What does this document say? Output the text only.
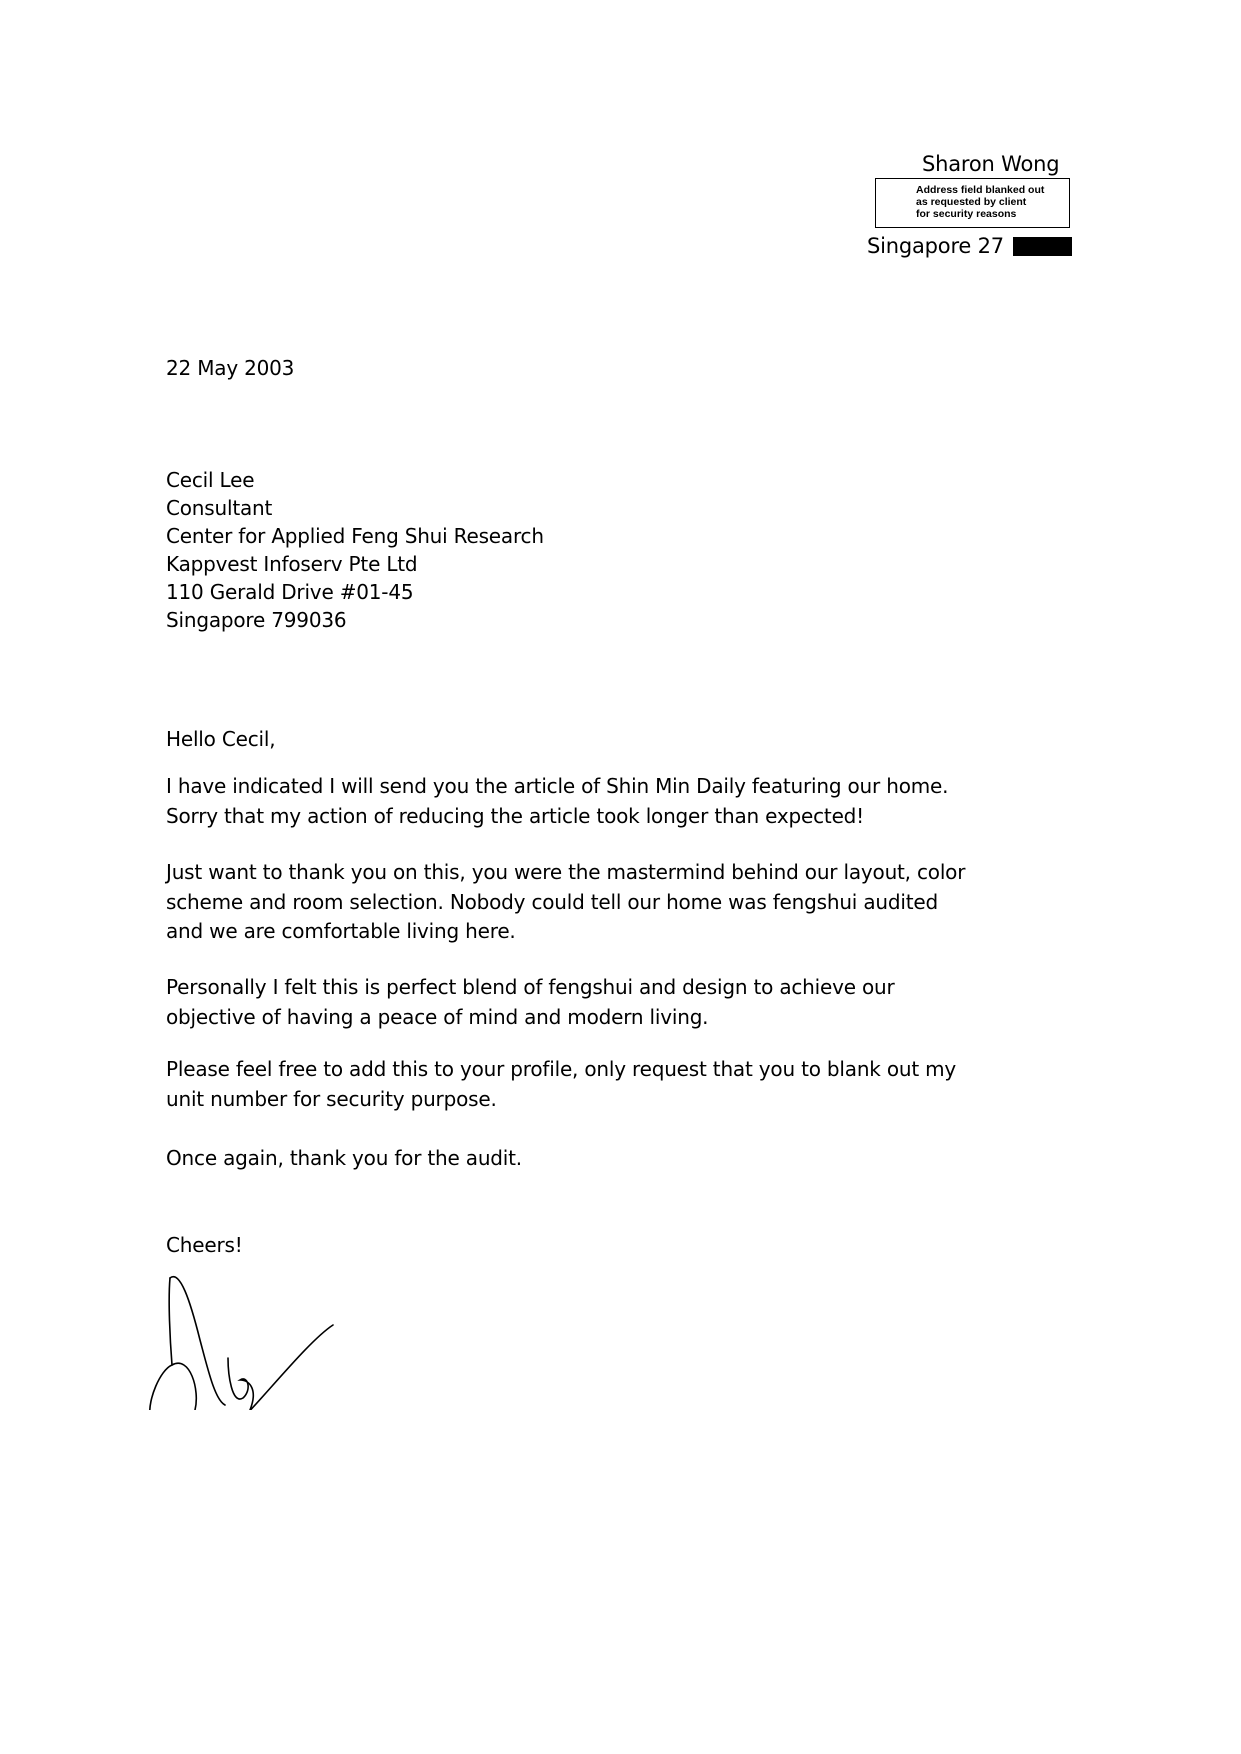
Sharon Wong
Address field blanked out
as requested by client
for security reasons
Singapore 27
22 May 2003
Cecil Lee
Consultant
Center for Applied Feng Shui Research
Kappvest Infoserv Pte Ltd
110 Gerald Drive #01-45
Singapore 799036
Hello Cecil,
I have indicated I will send you the article of Shin Min Daily featuring our home.
Sorry that my action of reducing the article took longer than expected!
Just want to thank you on this, you were the mastermind behind our layout, color
scheme and room selection. Nobody could tell our home was fengshui audited
and we are comfortable living here.
Personally I felt this is perfect blend of fengshui and design to achieve our
objective of having a peace of mind and modern living.
Please feel free to add this to your profile, only request that you to blank out my
unit number for security purpose.
Once again, thank you for the audit.
Cheers!
